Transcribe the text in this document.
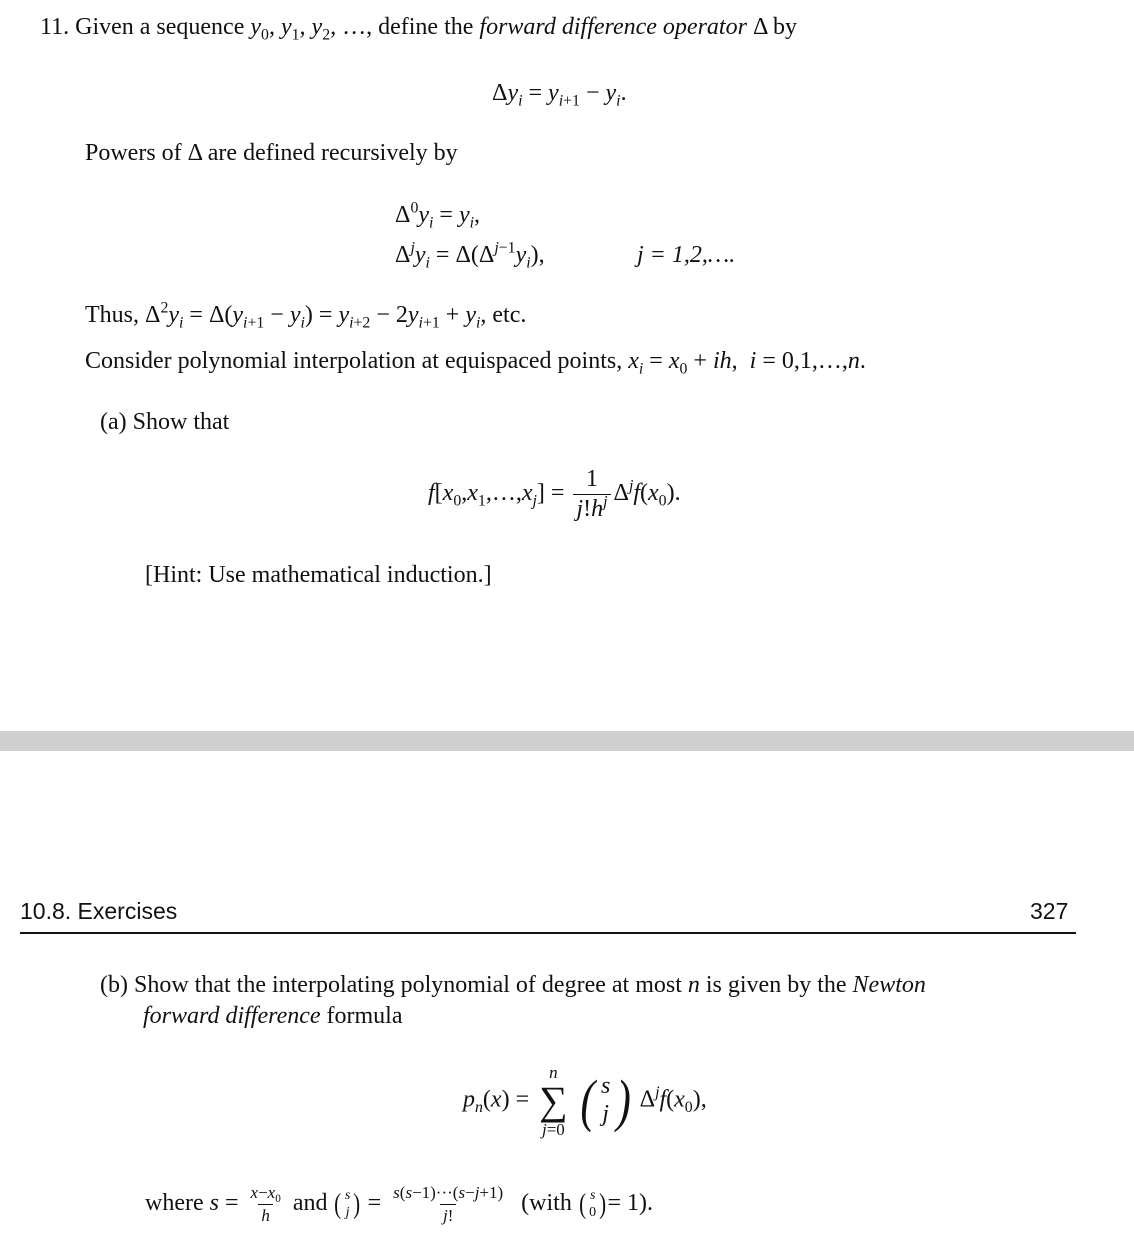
11. Given a sequence $y_0$, $y_1$, $y_2$, …, define the forward difference operator Δ by
$\Delta y_i = y_{i+1} - y_i$.
Powers of Δ are defined recursively by
$\Delta^0y_i = y_i$,
$\Delta^jy_i = \Delta(\Delta^{j-1}y_i)$,	j = 1,2,….
Thus, $\Delta^2y_i = \Delta(y_{i+1} - y_i) = y_{i+2} - 2y_{i+1} + y_i$, etc.
Consider polynomial interpolation at equispaced points, $x_i = x_0$ + ih,  i = 0,1,…,n.
(a) Show that
$f[x_0,x_1,\dots,x_j] = \frac{1}{j!h^j} \Delta^jf(x_0)$.
[Hint: Use mathematical induction.]
10.8. Exercises	327
(b) Show that the interpolating polynomial of degree at most n is given by the Newton
forward difference formula
$p_n(x)$ =
n
∑
j=0
( s
j ) $\Delta^jf(x_0)$,
where $s = \frac{x-x_0}{h}$ and ( s
j ) = $\frac{s(s-1)\cdot\cdot\cdot(s-j+1)}{j!}$ (with ( s
0 ) = 1).
